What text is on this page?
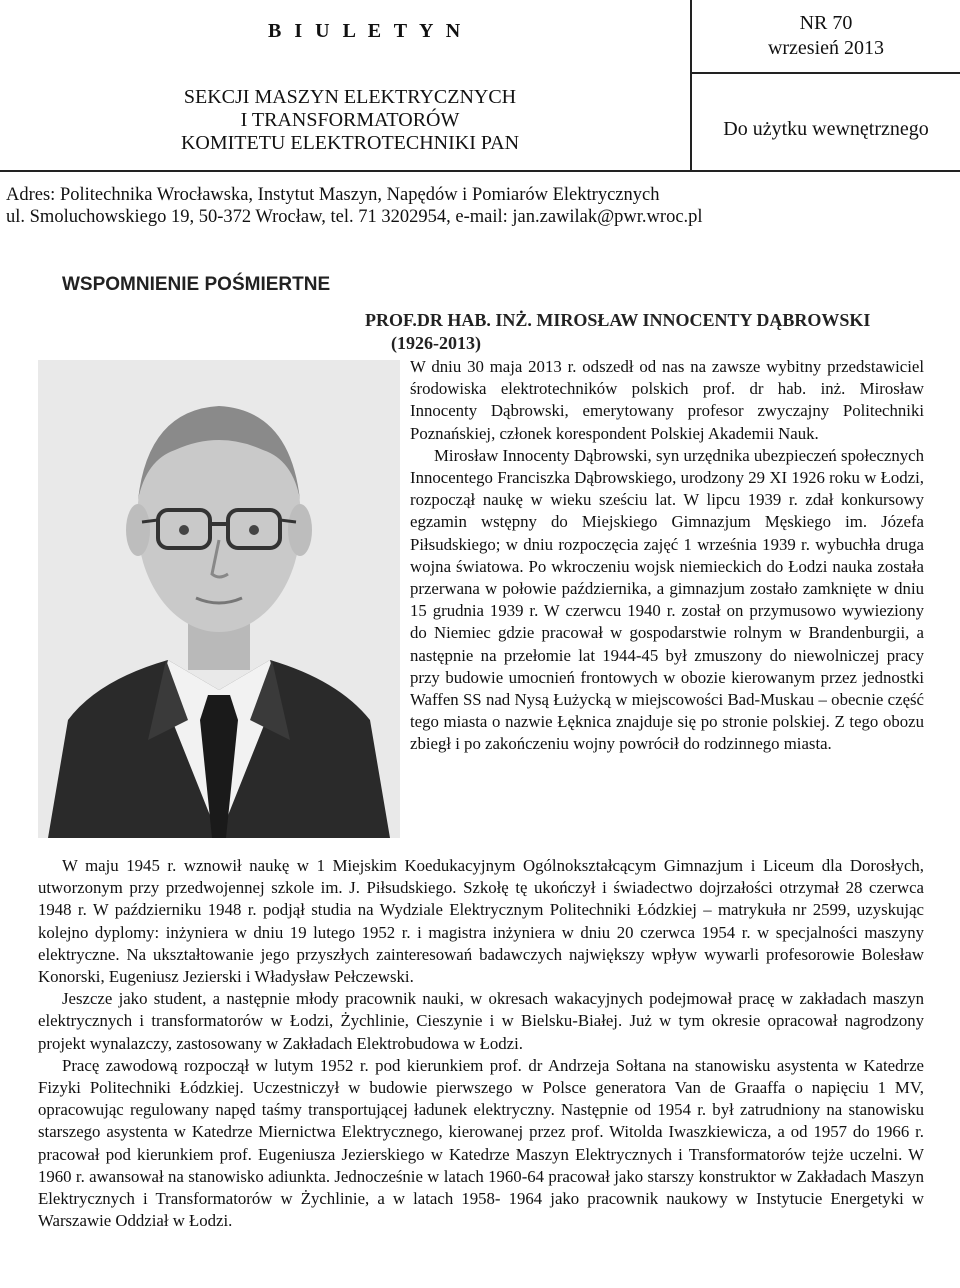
B I U L E T Y N
SEKCJI MASZYN ELEKTRYCZNYCH
I TRANSFORMATORÓW
KOMITETU ELEKTROTECHNIKI PAN
NR 70
wrzesień 2013
Do użytku wewnętrznego
Adres: Politechnika Wrocławska, Instytut Maszyn, Napędów i Pomiarów Elektrycznych
ul. Smoluchowskiego 19, 50-372 Wrocław, tel. 71 3202954, e-mail: jan.zawilak@pwr.wroc.pl
WSPOMNIENIE POŚMIERTNE
PROF.DR HAB. INŻ. MIROSŁAW INNOCENTY DĄBROWSKI
(1926-2013)

W dniu 30 maja 2013 r. odszedł od nas na zawsze wybitny przedstawiciel środowiska elektrotechników polskich prof. dr hab. inż. Mirosław Innocenty Dąbrowski, emerytowany profesor zwyczajny Politechniki Poznańskiej, członek korespondent Polskiej Akademii Nauk.

Mirosław Innocenty Dąbrowski, syn urzędnika ubezpieczeń społecznych Innocentego Franciszka Dąbrowskiego, urodzony 29 XI 1926 roku w Łodzi, rozpoczął naukę w wieku sześciu lat. W lipcu 1939 r. zdał konkursowy egzamin wstępny do Miejskiego Gimnazjum Męskiego im. Józefa Piłsudskiego; w dniu rozpoczęcia zajęć 1 września 1939 r. wybuchła druga wojna światowa. Po wkroczeniu wojsk niemieckich do Łodzi nauka została przerwana w połowie października, a gimnazjum zostało zamknięte w dniu 15 grudnia 1939 r. W czerwcu 1940 r. został on przymusowo wywieziony do Niemiec gdzie pracował w gospodarstwie rolnym w Brandenburgii, a następnie na przełomie lat 1944-45 był zmuszony do niewolniczej pracy przy budowie umocnień frontowych w obozie kierowanym przez jednostki Waffen SS nad Nysą Łużycką w miejscowości Bad-Muskau – obecnie część tego miasta o nazwie Łęknica znajduje się po stronie polskiej. Z tego obozu zbiegł i po zakończeniu wojny powrócił do rodzinnego miasta.

W maju 1945 r. wznowił naukę w 1 Miejskim Koedukacyjnym Ogólnokształcącym Gimnazjum i Liceum dla Dorosłych, utworzonym przy przedwojennej szkole im. J. Piłsudskiego. Szkołę tę ukończył i świadectwo dojrzałości otrzymał 28 czerwca 1948 r. W październiku 1948 r. podjął studia na Wydziale Elektrycznym Politechniki Łódzkiej – matrykuła nr 2599, uzyskując kolejno dyplomy: inżyniera w dniu 19 lutego 1952 r. i magistra inżyniera w dniu 20 czerwca 1954 r. w specjalności maszyny elektryczne. Na ukształtowanie jego przyszłych zainteresowań badawczych największy wpływ wywarli profesorowie Bolesław Konorski, Eugeniusz Jezierski i Władysław Pełczewski.

Jeszcze jako student, a następnie młody pracownik nauki, w okresach wakacyjnych podejmował pracę w zakładach maszyn elektrycznych i transformatorów w Łodzi, Żychlinie, Cieszynie i w Bielsku-Białej. Już w tym okresie opracował nagrodzony projekt wynalazczy, zastosowany w Zakładach Elektrobudowa w Łodzi.

Pracę zawodową rozpoczął w lutym 1952 r. pod kierunkiem prof. dr Andrzeja Sołtana na stanowisku asystenta w Katedrze Fizyki Politechniki Łódzkiej. Uczestniczył w budowie pierwszego w Polsce generatora Van de Graaffa o napięciu 1 MV, opracowując regulowany napęd taśmy transportującej ładunek elektryczny. Następnie od 1954 r. był zatrudniony na stanowisku starszego asystenta w Katedrze Miernictwa Elektrycznego, kierowanej przez prof. Witolda Iwaszkiewicza, a od 1957 do 1966 r. pracował pod kierunkiem prof. Eugeniusza Jezierskiego w Katedrze Maszyn Elektrycznych i Transformatorów tejże uczelni. W 1960 r. awansował na stanowisko adiunkta. Jednocześnie w latach 1960-64 pracował jako starszy konstruktor w Zakładach Maszyn Elektrycznych i Transformatorów w Żychlinie, a w latach 1958- 1964 jako pracownik naukowy w Instytucie Energetyki w Warszawie Oddział w Łodzi.
